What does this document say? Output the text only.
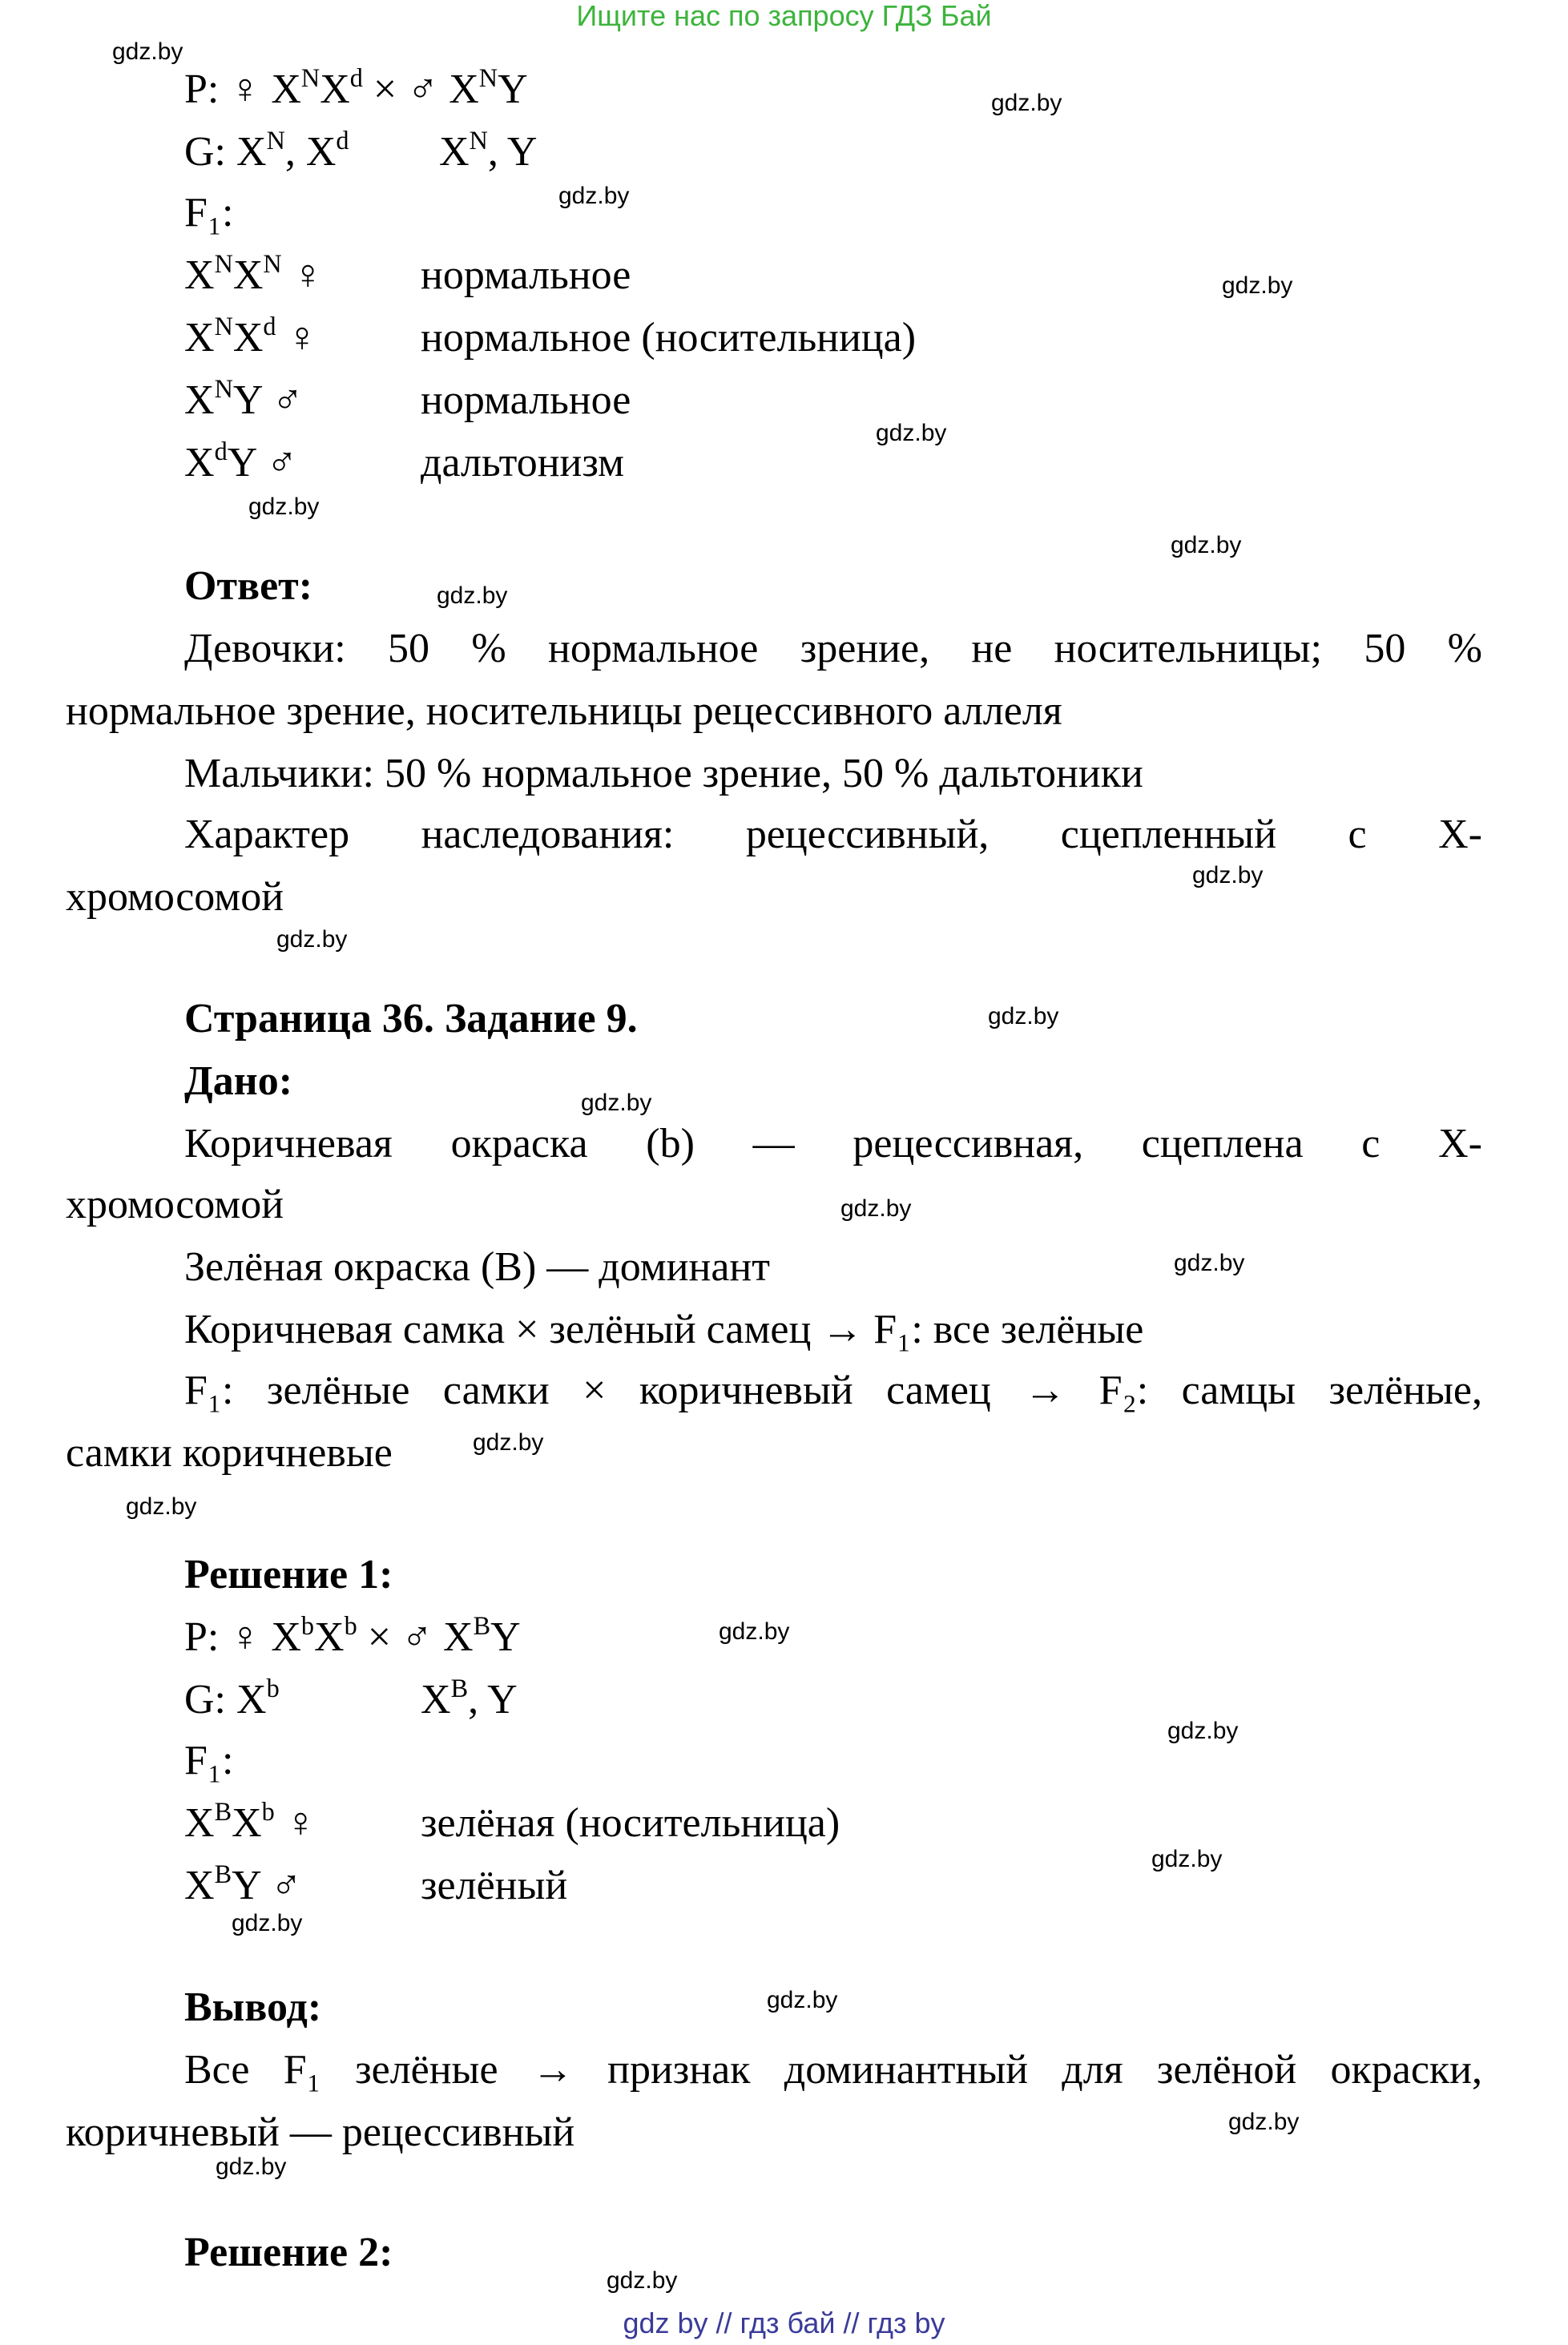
Ищите нас по запросу ГДЗ Бай
gdz.by
gdz.by
gdz.by
gdz.by
gdz.by
gdz.by
gdz.by
gdz.by
gdz.by
gdz.by
gdz.by
gdz.by
gdz.by
gdz.by
gdz.by
gdz.by
gdz.by
gdz.by
gdz.by
gdz.by
gdz.by
gdz.by
gdz.by
gdz.by
P: ♀ $X^NX^d$ × ♂ $X^NY$
G: $X^N$, $X^d$ $X^N$, Y
F₁:
$X^NX^N$ ♀ нормальное
$X^NX^d$ ♀ нормальное (носительница)
$X^NY$ ♂	нормальное
$X^dY$ ♂	дальтонизм
Ответ:
Девочки: 50 % нормальное зрение, не носительницы; 50 %
нормальное зрение, носительницы рецессивного аллеля
Мальчики: 50 % нормальное зрение, 50 % дальтоники
Характер наследования: рецессивный, сцепленный с Х-
хромосомой
Страница 36. Задание 9.
Дано:
Коричневая окраска (b) — рецессивная, сцеплена с Х-
хромосомой
Зелёная окраска (B) — доминант
Коричневая самка × зелёный самец → F₁: все зелёные
F₁: зелёные самки × коричневый самец → F₂: самцы зелёные,
самки коричневые
Решение 1:
P: ♀ $X^bX^b$ × ♂ $X^BY$
G: $X^b$	$X^B$, Y
F₁:
$X^BX^b$ ♀	зелёная (носительница)
$X^BY$ ♂	зелёный
Вывод:
Все F₁ зелёные → признак доминантный для зелёной окраски,
коричневый — рецессивный
Решение 2:
gdz by // гдз бай // гдз by
